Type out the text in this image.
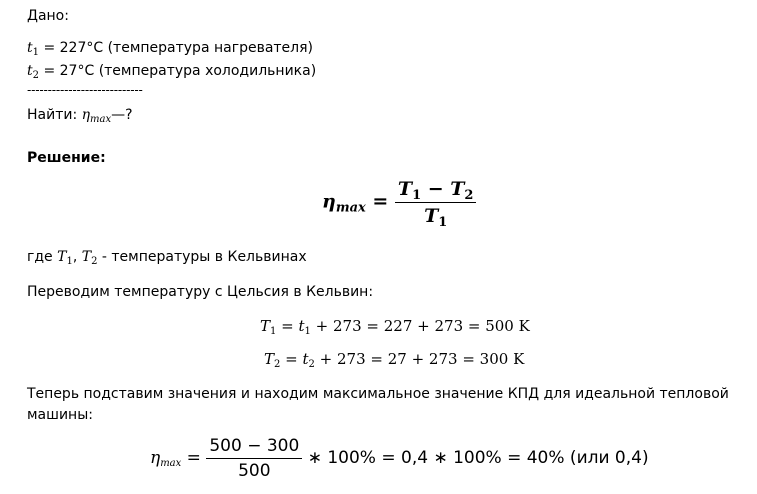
Дано:
$t_1 = 227^\circ C$ (температура нагревателя)
$t_2 = 27^\circ C$ (температура холодильника)
----------------------------
Найти: $\eta_{max}—$?
Решение:
$\eta_{max} = \frac{T_1 - T_2}{T_1}$
где $T_1$, $T_2$ - температуры в Кельвинах
Переводим температуру с Цельсия в Кельвин:
$T_1 = t_1 + 273 = 227 + 273 = 500$ K
$T_2 = t_2 + 273 = 27 + 273 = 300$ K
Теперь подставим значения и находим максимальное значение КПД для идеальной тепловой
машины:
$\eta_{max} = \frac{500 - 300}{500}$ ∗ 100% = 0,4 ∗ 100% = 40% (или 0,4)
